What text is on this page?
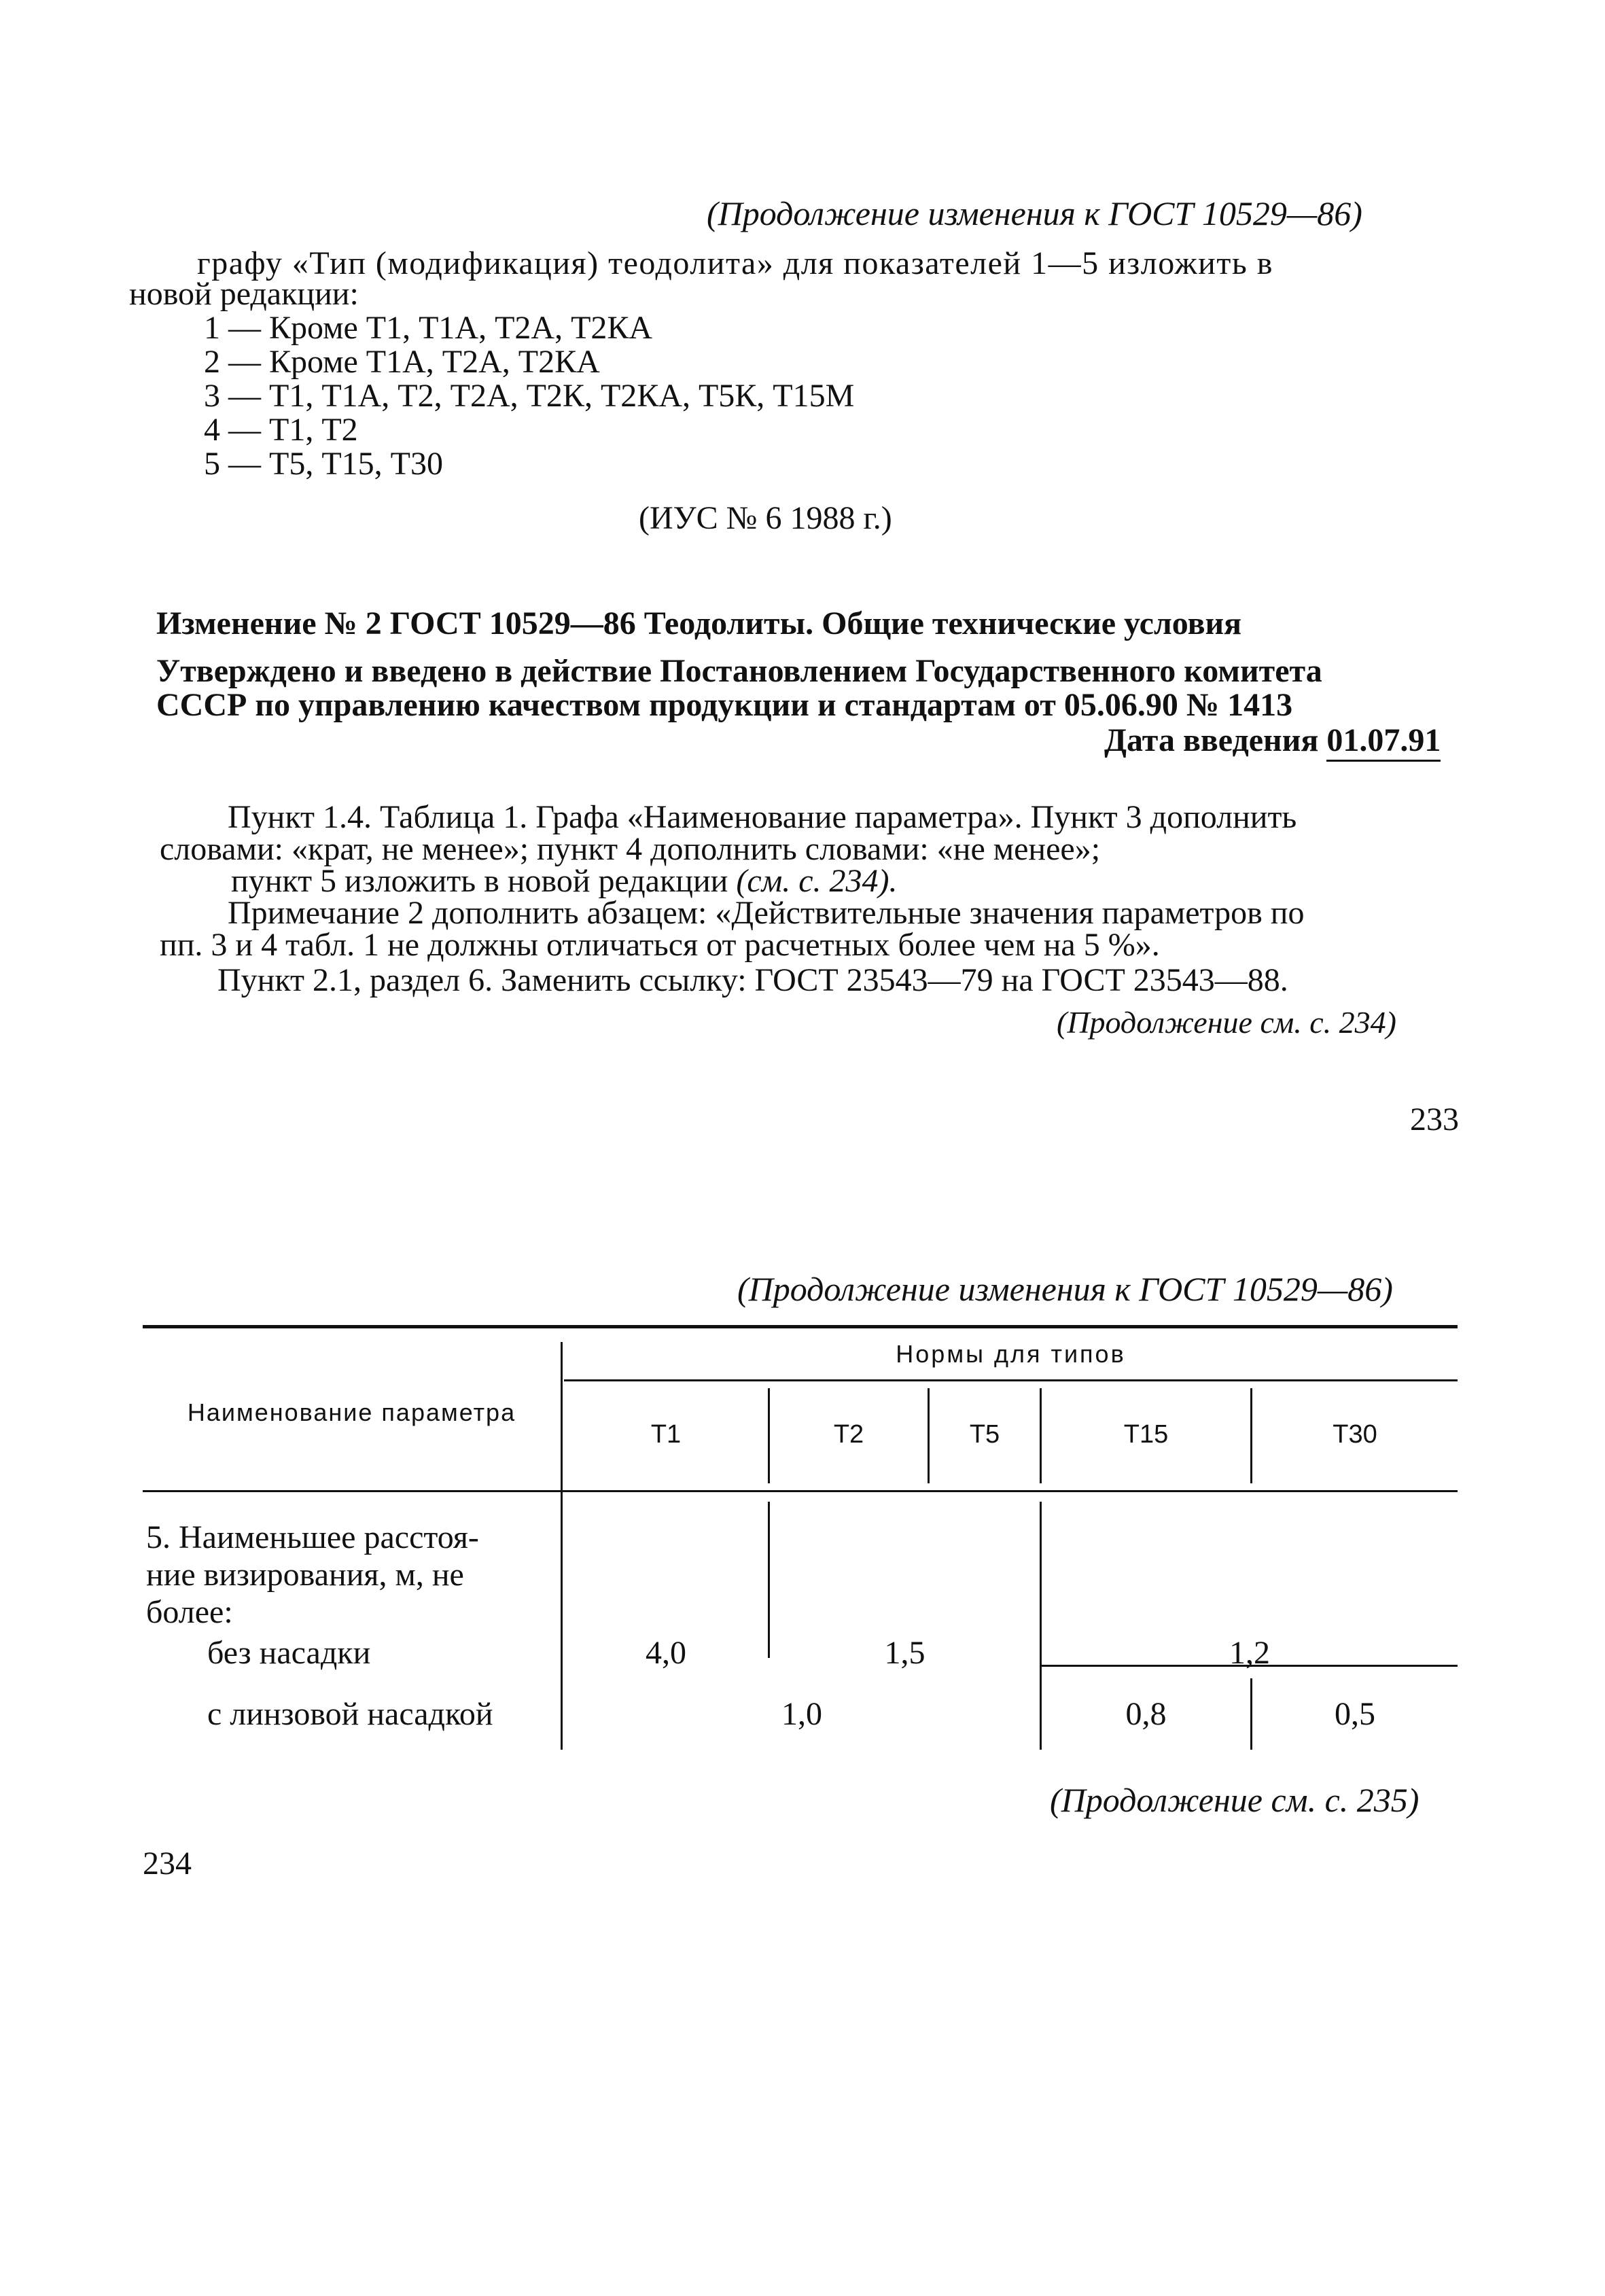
(Продолжение изменения к ГОСТ 10529—86)
графу «Тип (модификация) теодолита» для показателей 1—5 изложить в
новой редакции:
1 — Кроме Т1, Т1А, Т2А, Т2КА
2 — Кроме Т1А, Т2А, Т2КА
3 — Т1, Т1А, Т2, Т2А, Т2К, Т2КА, Т5К, Т15М
4 — Т1, Т2
5 — Т5, Т15, Т30
(ИУС № 6 1988 г.)
Изменение № 2 ГОСТ 10529—86 Теодолиты. Общие технические условия
Утверждено и введено в действие Постановлением Государственного комитета
СССР по управлению качеством продукции и стандартам от 05.06.90 № 1413
Дата введения 01.07.91
Пункт 1.4. Таблица 1. Графа «Наименование параметра». Пункт 3 дополнить
словами: «крат, не менее»; пункт 4 дополнить словами: «не менее»;
пункт 5 изложить в новой редакции (см. с. 234).
Примечание 2 дополнить абзацем: «Действительные значения параметров по
пп. 3 и 4 табл. 1 не должны отличаться от расчетных более чем на 5 %».
Пункт 2.1, раздел 6. Заменить ссылку: ГОСТ 23543—79 на ГОСТ 23543—88.
(Продолжение см. с. 234)
233
(Продолжение изменения к ГОСТ 10529—86)
Наименование параметра
Нормы для типов
Т1	Т2	Т5	Т15	Т30
5. Наименьшее расстоя-
ние визирования, м, не
более:
без насадки	4,0	1,5	1,2
с линзовой насадкой	1,0	0,8	0,5
(Продолжение см. с. 235)
234
